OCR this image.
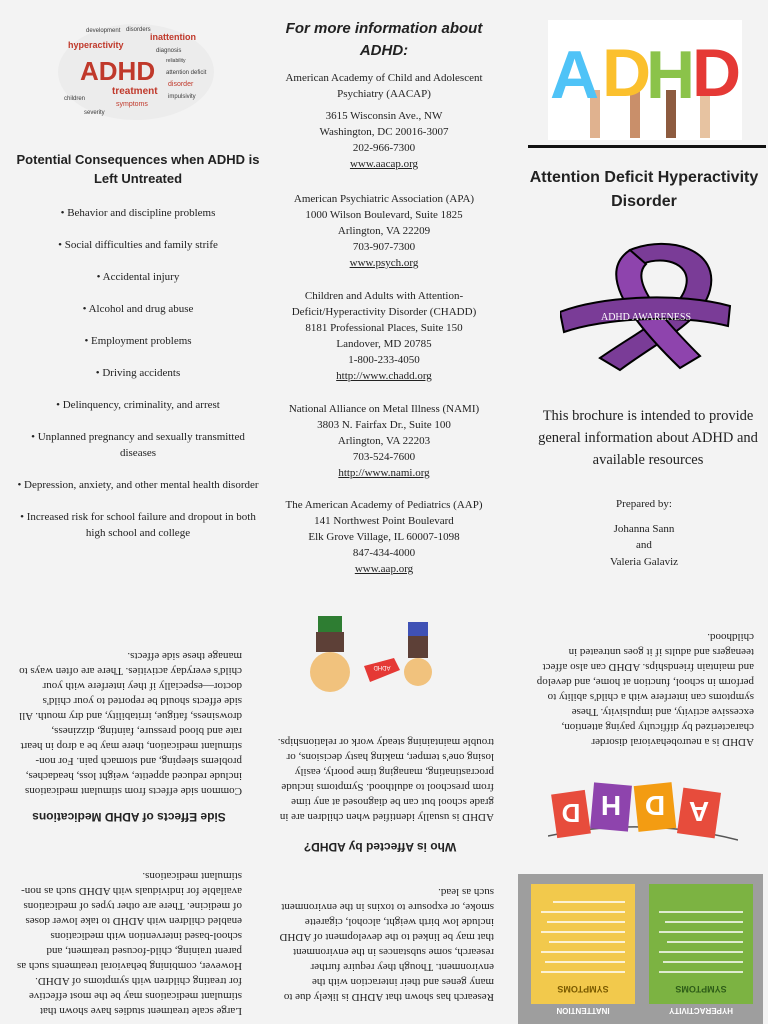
development disorders
inattention
hyperactivity
diagnosis
reliability
ADHD attention deficit
treatment
disorder
children
symptoms
impulsivity
severity
Potential Consequences when ADHD is Left Untreated
• Behavior and discipline problems
• Social difficulties and family strife
• Accidental injury
• Alcohol and drug abuse
• Employment problems
• Driving accidents
• Delinquency, criminality, and arrest
• Unplanned pregnancy and sexually transmitted diseases
• Depression, anxiety, and other mental health disorder
• Increased risk for school failure and dropout in both high school and college
For more information about ADHD:
American Academy of Child and Adolescent Psychiatry (AACAP)
3615 Wisconsin Ave., NW
Washington, DC 20016-3007
202-966-7300
www.aacap.org
American Psychiatric Association (APA)
1000 Wilson Boulevard, Suite 1825
Arlington, VA 22209
703-907-7300
www.psych.org
Children and Adults with Attention-Deficit/Hyperactivity Disorder (CHADD)
8181 Professional Places, Suite 150
Landover, MD 20785
1-800-233-4050
http://www.chadd.org
National Alliance on Metal Illness (NAMI)
3803 N. Fairfax Dr., Suite 100
Arlington, VA 22203
703-524-7600
http://www.nami.org
The American Academy of Pediatrics (AAP)
141 Northwest Point Boulevard
Elk Grove Village, IL 60007-1098
847-434-4000
www.aap.org
A D
H
D
Attention Deficit Hyperactivity Disorder
ADHD AWARENESS
This brochure is intended to provide general information about ADHD and available resources
Prepared by:
Johanna Sann
and
Valeria Galaviz
HYPERACTIVITY
INATTENTION
SYMPTOMS
SYMPTOMS
A
D
H
D
ADHD is a neurobehavioral disorder characterized by difficulty paying attention, excessive activity, and impulsivity. These symptoms can interfere with a child's ability to perform in school, function at home, and develop and maintain friendships. ADHD can also affect teenagers and adults if it goes untreated in childhood.
Research has shown that ADHD is likely due to many genes and their interaction with the environment. Though they require further research, some substances in the environment that may be linked to the development of ADHD include low birth weight, alcohol, cigarette smoke, or exposure to toxins in the environment such as lead.
Who is Affected by ADHD?
ADHD is usually identified when children are in grade school but can be diagnosed at any time from preschool to adulthood. Symptoms include procrastinating, managing time poorly, easily losing one's temper, making hasty decisions, or trouble maintaining steady work or relationships.
ADHD
Large scale treatment studies have shown that stimulant medications may be the most effective for treating children with symptoms of ADHD. However, combining behavioral treatments such as parent training, child-focused treatment, and school-based intervention with medications enabled children with ADHD to take lower doses of medicine. There are other types of medications available for individuals with ADHD such as non-stimulant medications.
Side Effects of ADHD Medications
Common side effects from stimulant medications include reduced appetite, weight loss, headaches, problems sleeping, and stomach pain. For non-stimulant medication, there may be a drop in heart rate and blood pressure, fainting, dizziness, drowsiness, fatigue, irritability, and dry mouth. All side effects should be reported to your child's doctor—especially if they interfere with your child's everyday activities. There are often ways to manage these side effects.
